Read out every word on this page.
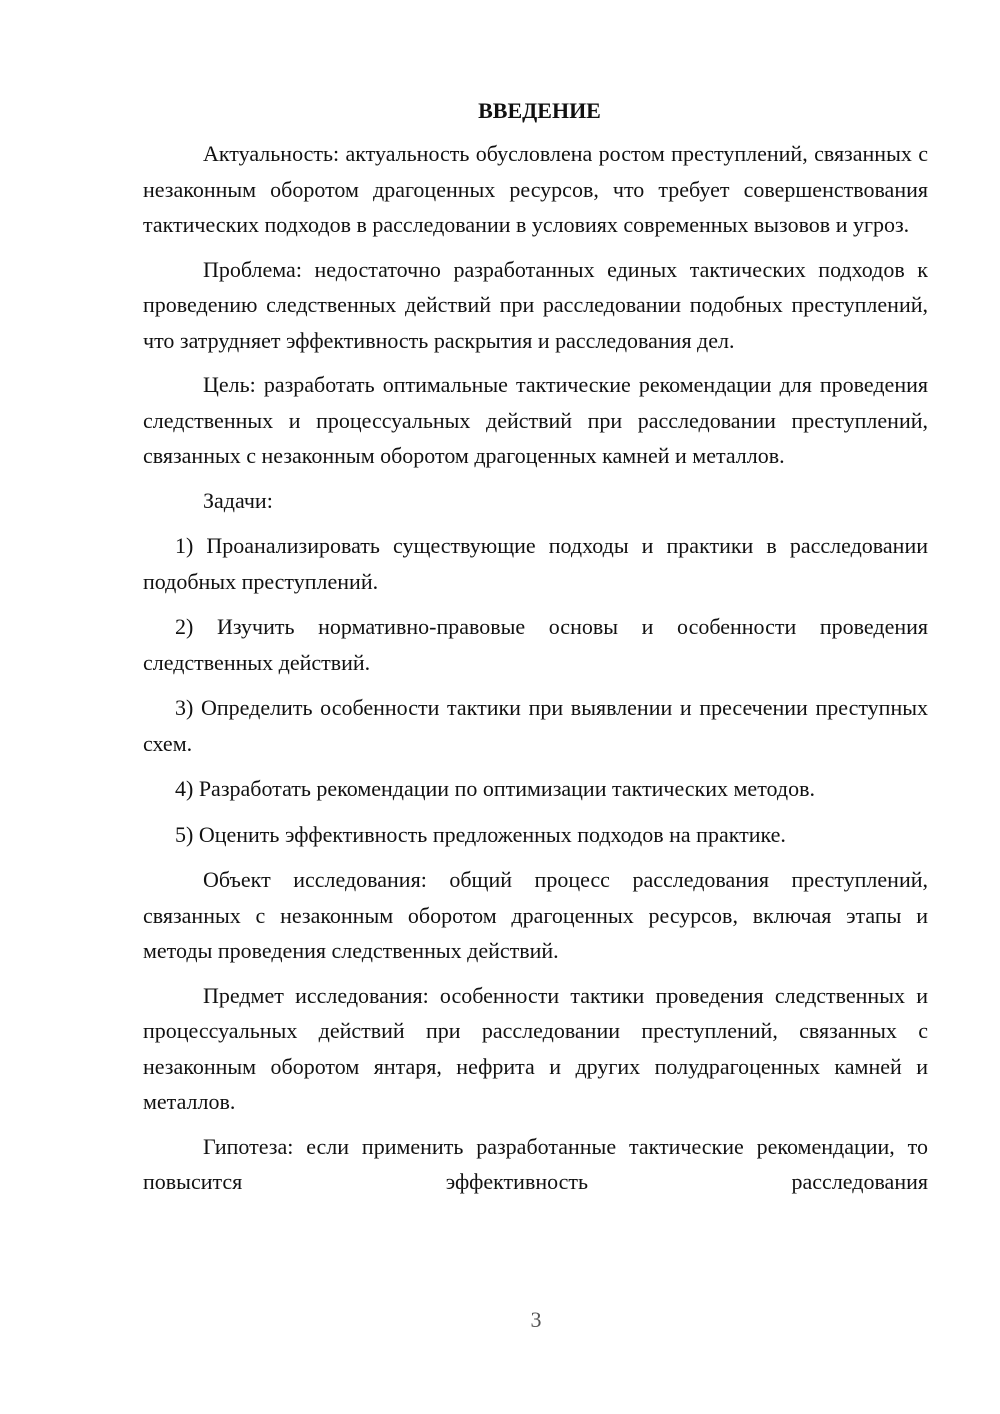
ВВЕДЕНИЕ

Актуальность: актуальность обусловлена ростом преступлений, связанных с незаконным оборотом драгоценных ресурсов, что требует совершенствования тактических подходов в расследовании в условиях современных вызовов и угроз.

Проблема: недостаточно разработанных единых тактических подходов к проведению следственных действий при расследовании подобных преступлений, что затрудняет эффективность раскрытия и расследования дел.

Цель: разработать оптимальные тактические рекомендации для проведения следственных и процессуальных действий при расследовании преступлений, связанных с незаконным оборотом драгоценных камней и металлов.

Задачи:

1) Проанализировать существующие подходы и практики в расследовании подобных преступлений.

2) Изучить нормативно-правовые основы и особенности проведения следственных действий.

3) Определить особенности тактики при выявлении и пресечении преступных схем.

4) Разработать рекомендации по оптимизации тактических методов.

5) Оценить эффективность предложенных подходов на практике.

Объект исследования: общий процесс расследования преступлений, связанных с незаконным оборотом драгоценных ресурсов, включая этапы и методы проведения следственных действий.

Предмет исследования: особенности тактики проведения следственных и процессуальных действий при расследовании преступлений, связанных с незаконным оборотом янтаря, нефрита и других полудрагоценных камней и металлов.

Гипотеза: если применить разработанные тактические рекомендации, то повысится эффективность расследования

3
